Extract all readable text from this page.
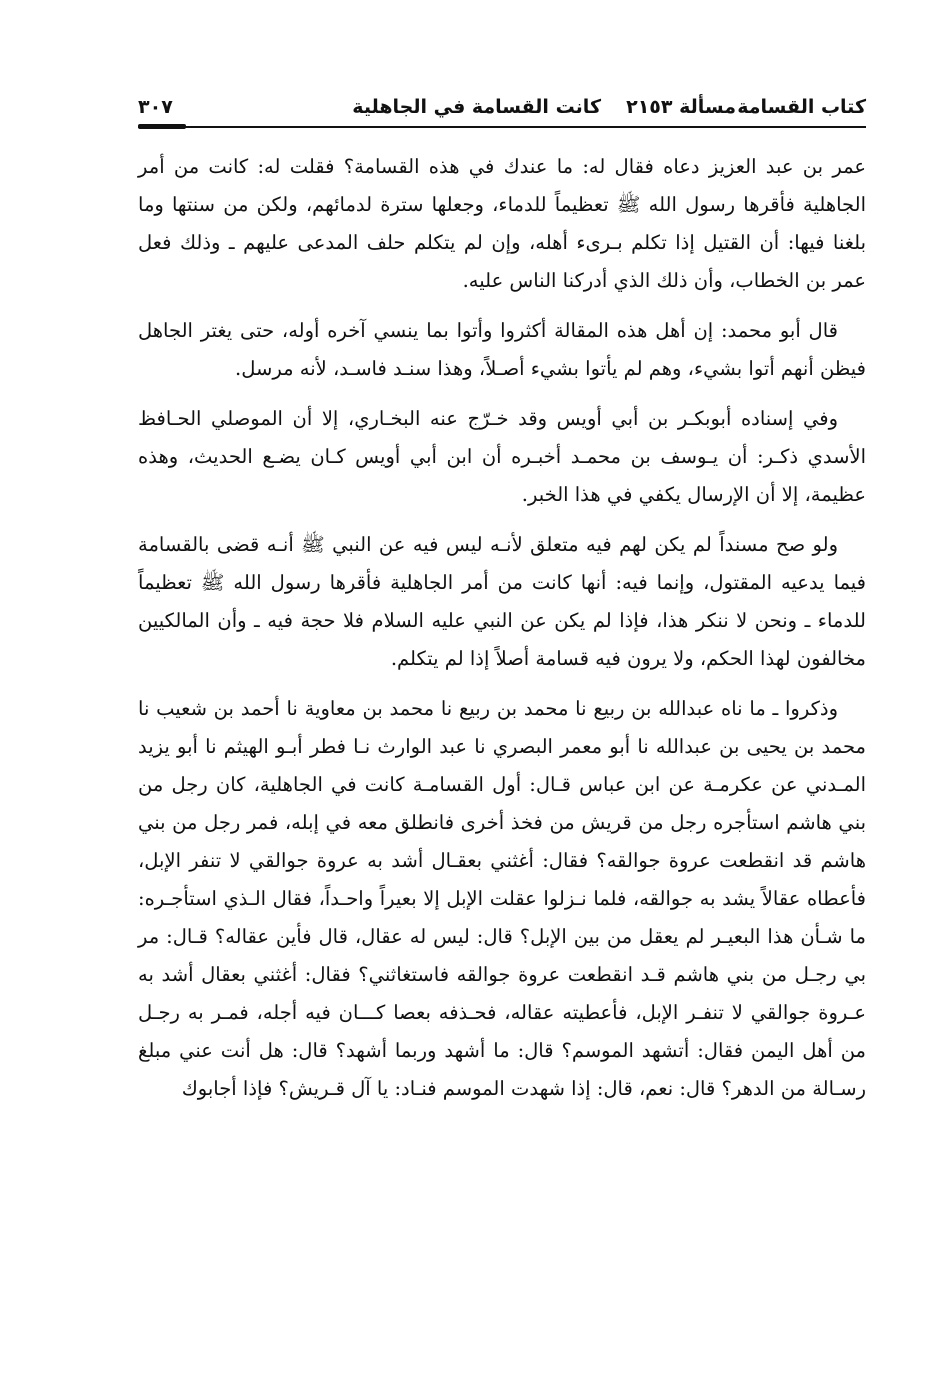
كتاب القسامة
مسألة ٢١٥٣
كانت القسامة في الجاهلية
٣٠٧

عمر بن عبد العزيز دعاه فقال له: ما عندك في هذه القسامة؟ فقلت له: كانت من أمر الجاهلية فأقرها رسول الله ﷺ تعظيماً للدماء، وجعلها سترة لدمائهم، ولكن من سنتها وما بلغنا فيها: أن القتيل إذا تكلم بـرىء أهله، وإن لم يتكلم حلف المدعى عليهم ـ وذلك فعل عمر بن الخطاب، وأن ذلك الذي أدركنا الناس عليه.

قال أبو محمد: إن أهل هذه المقالة أكثروا وأتوا بما ينسي آخره أوله، حتى يغتر الجاهل فيظن أنهم أتوا بشيء، وهم لم يأتوا بشيء أصـلاً، وهذا سنـد فاسـد، لأنه مرسل.

وفي إسناده أبوبكـر بن أبي أويس وقد خـرّج عنه البخـاري، إلا أن الموصلي الحـافظ الأسدي ذكـر: أن يـوسف بن محمـد أخبـره أن ابن أبي أويس كـان يضـع الحديث، وهذه عظيمة، إلا أن الإرسال يكفي في هذا الخبر.

ولو صح مسنداً لم يكن لهم فيه متعلق لأنـه ليس فيه عن النبي ﷺ أنـه قضى بالقسامة فيما يدعيه المقتول، وإنما فيه: أنها كانت من أمر الجاهلية فأقرها رسول الله ﷺ تعظيماً للدماء ـ ونحن لا ننكر هذا، فإذا لم يكن عن النبي عليه السلام فلا حجة فيه ـ وأن المالكيين مخالفون لهذا الحكم، ولا يرون فيه قسامة أصلاً إذا لم يتكلم.

وذكروا ـ ما ناه عبدالله بن ربيع نا محمد بن ربيع نا محمد بن معاوية نا أحمد بن شعيب نا محمد بن يحيى بن عبدالله نا أبو معمر البصري نا عبد الوارث نـا فطر أبـو الهيثم نا أبو يزيد المـدني عن عكرمـة عن ابن عباس قـال: أول القسامـة كانت في الجاهلية، كان رجل من بني هاشم استأجره رجل من قريش من فخذ أخرى فانطلق معه في إبله، فمر رجل من بني هاشم قد انقطعت عروة جوالقه؟ فقال: أغثني بعقـال أشد به عروة جوالقي لا تنفر الإبل، فأعطاه عقالاً يشد به جوالقه، فلما نـزلوا عقلت الإبل إلا بعيراً واحـداً، فقال الـذي استأجـره: ما شـأن هذا البعيـر لم يعقل من بين الإبل؟ قال: ليس له عقال، قال فأين عقاله؟ قـال: مر بي رجـل من بني هاشم قـد انقطعت عروة جوالقه فاستغاثني؟ فقال: أغثني بعقال أشد به عـروة جوالقي لا تنفـر الإبل، فأعطيته عقاله، فحـذفه بعصا كـــان فيه أجله، فمـر به رجـل من أهل اليمن فقال: أتشهد الموسم؟ قال: ما أشهد وربما أشهد؟ قال: هل أنت عني مبلغ رسـالة من الدهر؟ قال: نعم، قال: إذا شهدت الموسم فنـاد: يا آل قـريش؟ فإذا أجابوك
